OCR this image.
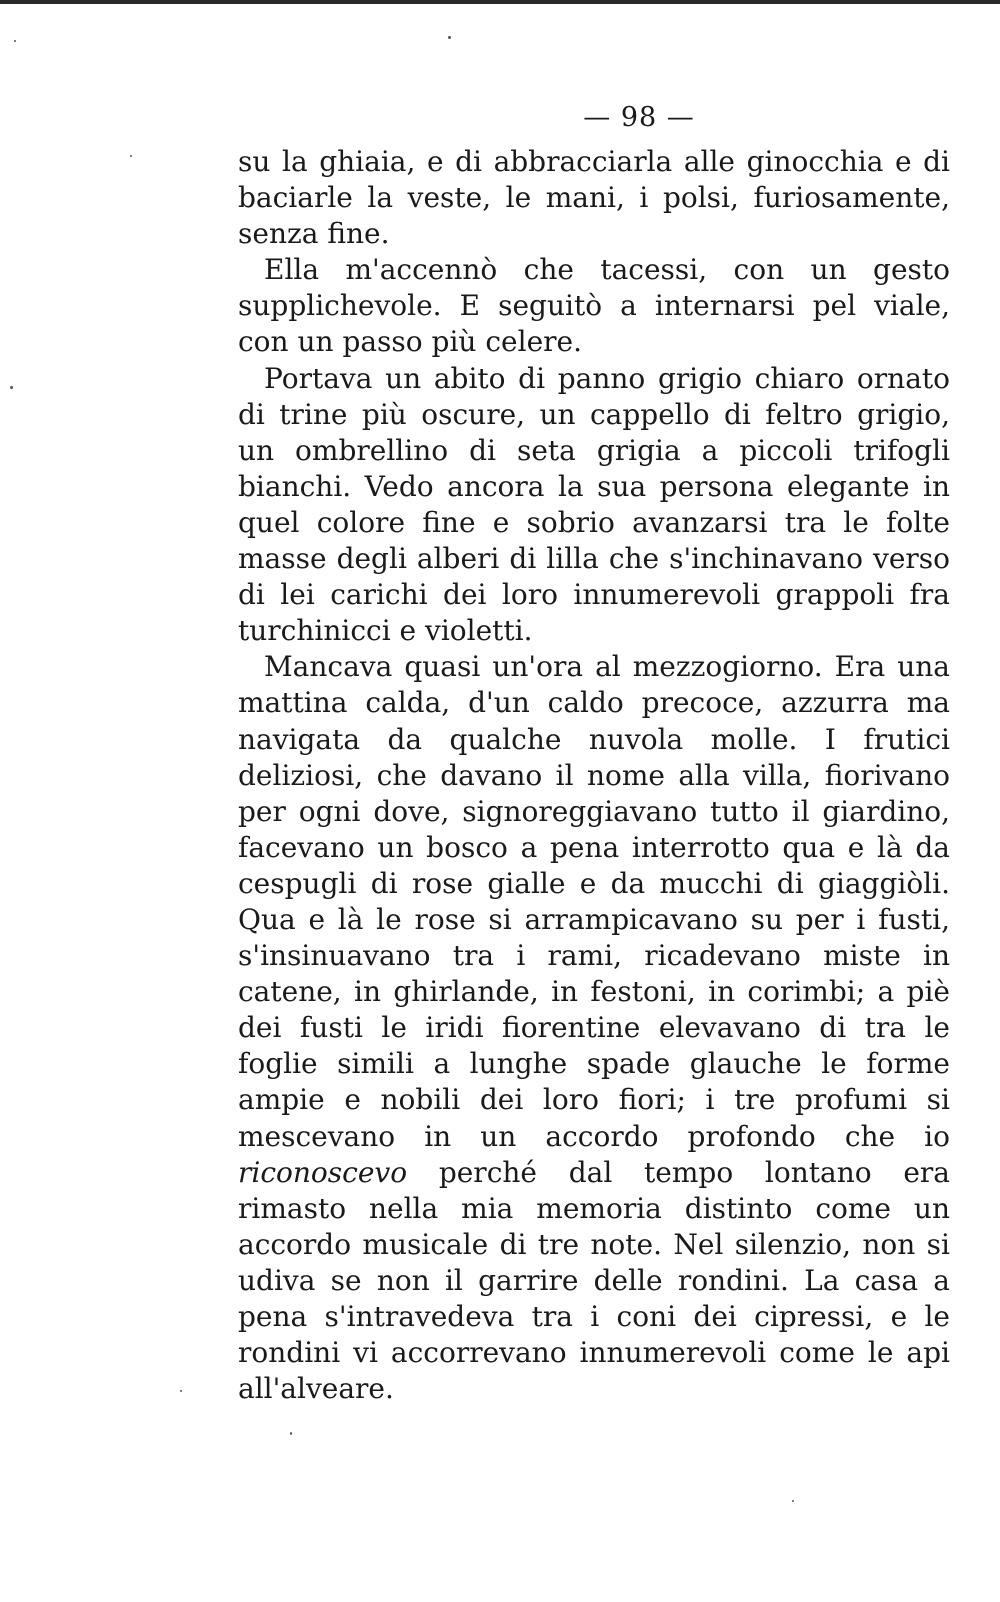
— 98 —

su la ghiaia, e di abbracciarla alle ginocchia e di baciarle la veste, le mani, i polsi, furiosamente, senza fine.

Ella m'accennò che tacessi, con un gesto supplichevole. E seguitò a internarsi pel viale, con un passo più celere.

Portava un abito di panno grigio chiaro ornato di trine più oscure, un cappello di feltro grigio, un ombrellino di seta grigia a piccoli trifogli bianchi. Vedo ancora la sua persona elegante in quel colore fine e sobrio avanzarsi tra le folte masse degli alberi di lilla che s'inchinavano verso di lei carichi dei loro innumerevoli grappoli fra turchinicci e violetti.

Mancava quasi un'ora al mezzogiorno. Era una mattina calda, d'un caldo precoce, azzurra ma navigata da qualche nuvola molle. I frutici deliziosi, che davano il nome alla villa, fiorivano per ogni dove, signoreggiavano tutto il giardino, facevano un bosco a pena interrotto qua e là da cespugli di rose gialle e da mucchi di giaggiòli. Qua e là le rose si arrampicavano su per i fusti, s'insinuavano tra i rami, ricadevano miste in catene, in ghirlande, in festoni, in corimbi; a piè dei fusti le iridi fiorentine elevavano di tra le foglie simili a lunghe spade glauche le forme ampie e nobili dei loro fiori; i tre profumi si mescevano in un accordo profondo che io riconoscevo perché dal tempo lontano era rimasto nella mia memoria distinto come un accordo musicale di tre note. Nel silenzio, non si udiva se non il garrire delle rondini. La casa a pena s'intravedeva tra i coni dei cipressi, e le rondini vi accorrevano innumerevoli come le api all'alveare.
